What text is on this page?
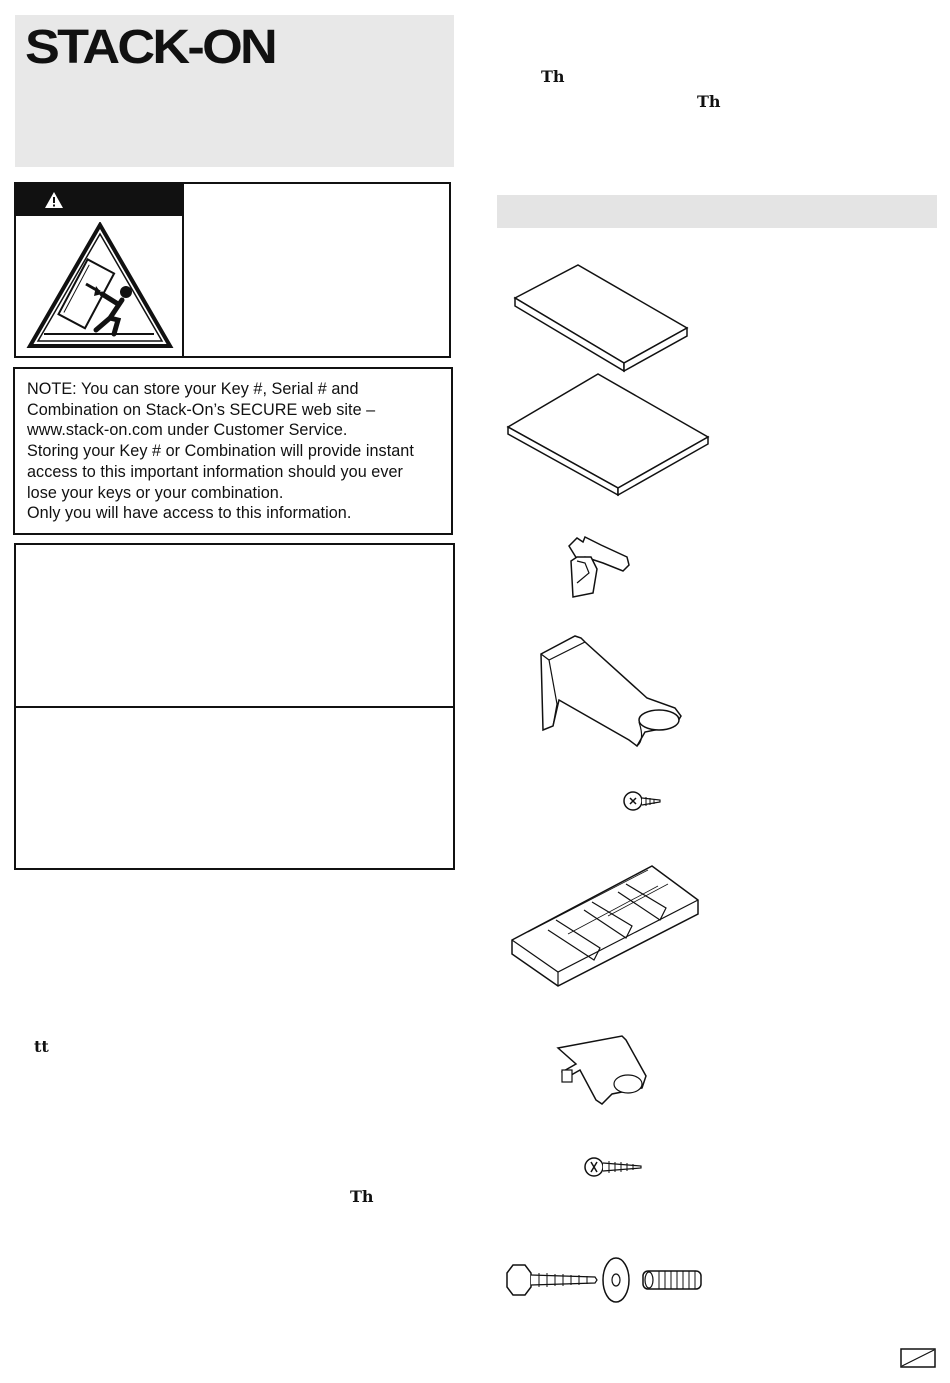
STACK-ON

NOTE: You can store your Key #, Serial # and

Combination on Stack-On’s SECURE web site –

www.stack-on.com under Customer Service.

Storing your Key # or Combination will provide instant

access to this important information should you ever

lose your keys or your combination.

Only you will have access to this information.

Th
Th
tt
Th
